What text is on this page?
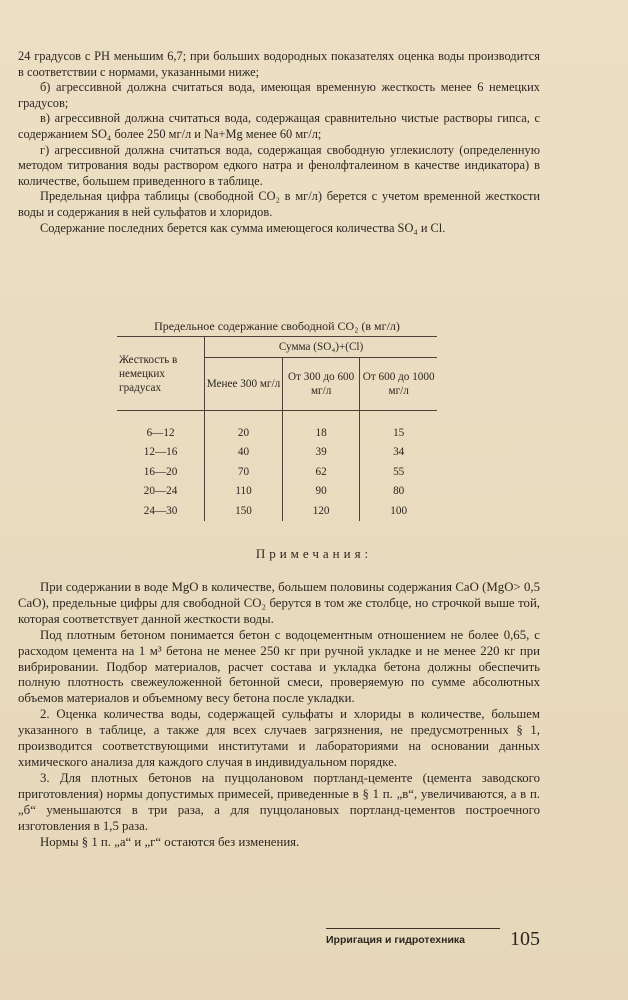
24 градусов с PH меньшим 6,7; при больших водородных показателях оценка воды производится в соответствии с нормами, указанными ниже;

б) агрессивной должна считаться вода, имеющая временную жесткость менее 6 немецких градусов;

в) агрессивной должна считаться вода, содержащая сравнительно чистые растворы гипса, с содержанием SO₄ более 250 мг/л и Na+Mg менее 60 мг/л;

г) агрессивной должна считаться вода, содержащая свободную углекислоту (определенную методом титрования воды раствором едкого натра и фенолфталеином в качестве индикатора) в количестве, большем приведенного в таблице.

Предельная цифра таблицы (свободной CO₂ в мг/л) берется с учетом временной жесткости воды и содержания в ней сульфатов и хлоридов.

Содержание последних берется как сумма имеющегося количества SO₄ и Cl.

Предельное содержание свободной CO₂ (в мг/л)
Жесткость в немецких градусах	Сумма (SO₄)+(Cl)		
	Менее 300 мг/л	От 300 до 600 мг/л	От 600 до 1000 мг/л

6—12	20	18	15
12—16	40	39	34
16—20	70	62	55
20—24	110	90	80
24—30	150	120	100
Примечания:

При содержании в воде MgO в количестве, большем половины содержания CaO (MgO> 0,5 CaO), предельные цифры для свободной CO₂ берутся в том же столбце, но строчкой выше той, которая соответствует данной жесткости воды.

Под плотным бетоном понимается бетон с водоцементным отношением не более 0,65, с расходом цемента на 1 м³ бетона не менее 250 кг при ручной укладке и не менее 220 кг при вибрировании. Подбор материалов, расчет состава и укладка бетона должны обеспечить полную плотность свежеуложенной бетонной смеси, проверяемую по сумме абсолютных объемов материалов и объемному весу бетона после укладки.

2. Оценка количества воды, содержащей сульфаты и хлориды в количестве, большем указанного в таблице, а также для всех случаев загрязнения, не предусмотренных § 1, производится соответствующими институтами и лабораториями на основании данных химического анализа для каждого случая в индивидуальном порядке.

3. Для плотных бетонов на пуццолановом портланд-цементе (цемента заводского приготовления) нормы допустимых примесей, приведенные в § 1 п. „в“, увеличиваются, а в п. „б“ уменьшаются в три раза, а для пуццолановых портланд-цементов построечного изготовления в 1,5 раза.

Нормы § 1 п. „а“ и „г“ остаются без изменения.

Ирригация и гидротехника 105
